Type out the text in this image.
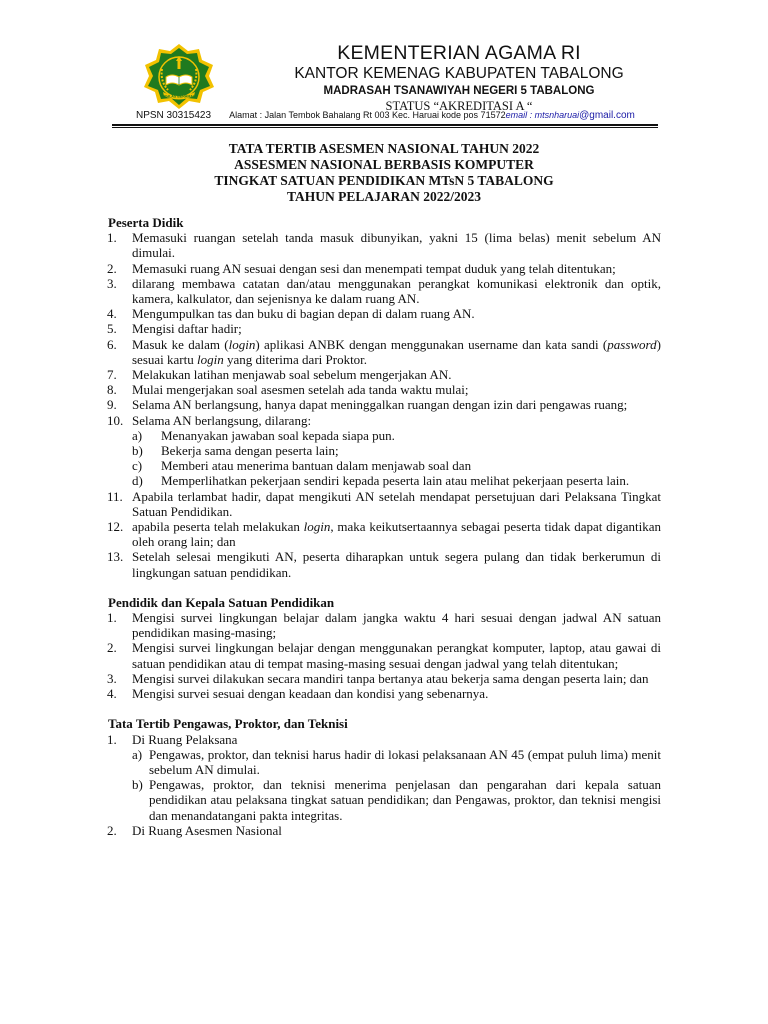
IKHLAS BERAMAL
KEMENTERIAN AGAMA RI
KANTOR KEMENAG KABUPATEN TABALONG
MADRASAH TSANAWIYAH NEGERI 5 TABALONG
STATUS “AKREDITASI A “
NPSN 30315423 Alamat : Jalan Tembok Bahalang Rt 003 Kec. Haruai kode pos 71572email : mtsnharuai@gmail.com
TATA TERTIB ASESMEN NASIONAL TAHUN 2022
ASSESMEN NASIONAL BERBASIS KOMPUTER
TINGKAT SATUAN PENDIDIKAN MTsN 5 TABALONG
TAHUN PELAJARAN 2022/2023
Peserta Didik
1. Memasuki ruangan setelah tanda masuk dibunyikan, yakni 15 (lima belas) menit sebelum AN dimulai.
2. Memasuki ruang AN sesuai dengan sesi dan menempati tempat duduk yang telah ditentukan;
3. dilarang membawa catatan dan/atau menggunakan perangkat komunikasi elektronik dan optik, kamera, kalkulator, dan sejenisnya ke dalam ruang AN.
4. Mengumpulkan tas dan buku di bagian depan di dalam ruang AN.
5. Mengisi daftar hadir;
6. Masuk ke dalam (login) aplikasi ANBK dengan menggunakan username dan kata sandi (password) sesuai kartu login yang diterima dari Proktor.
7. Melakukan latihan menjawab soal sebelum mengerjakan AN.
8. Mulai mengerjakan soal asesmen setelah ada tanda waktu mulai;
9. Selama AN berlangsung, hanya dapat meninggalkan ruangan dengan izin dari pengawas ruang;
10. Selama AN berlangsung, dilarang:
a) Menanyakan jawaban soal kepada siapa pun.
b) Bekerja sama dengan peserta lain;
c) Memberi atau menerima bantuan dalam menjawab soal dan
d) Memperlihatkan pekerjaan sendiri kepada peserta lain atau melihat pekerjaan peserta lain.
11. Apabila terlambat hadir, dapat mengikuti AN setelah mendapat persetujuan dari Pelaksana Tingkat Satuan Pendidikan.
12. apabila peserta telah melakukan login, maka keikutsertaannya sebagai peserta tidak dapat digantikan oleh orang lain; dan
13. Setelah selesai mengikuti AN, peserta diharapkan untuk segera pulang dan tidak berkerumun di lingkungan satuan pendidikan.
Pendidik dan Kepala Satuan Pendidikan
1. Mengisi survei lingkungan belajar dalam jangka waktu 4 hari sesuai dengan jadwal AN satuan pendidikan masing-masing;
2. Mengisi survei lingkungan belajar dengan menggunakan perangkat komputer, laptop, atau gawai di satuan pendidikan atau di tempat masing-masing sesuai dengan jadwal yang telah ditentukan;
3. Mengisi survei dilakukan secara mandiri tanpa bertanya atau bekerja sama dengan peserta lain; dan
4. Mengisi survei sesuai dengan keadaan dan kondisi yang sebenarnya.
Tata Tertib Pengawas, Proktor, dan Teknisi
1. Di Ruang Pelaksana
a) Pengawas, proktor, dan teknisi harus hadir di lokasi pelaksanaan AN 45 (empat puluh lima) menit sebelum AN dimulai.
b) Pengawas, proktor, dan teknisi menerima penjelasan dan pengarahan dari kepala satuan pendidikan atau pelaksana tingkat satuan pendidikan; dan Pengawas, proktor, dan teknisi mengisi dan menandatangani pakta integritas.
2. Di Ruang Asesmen Nasional
